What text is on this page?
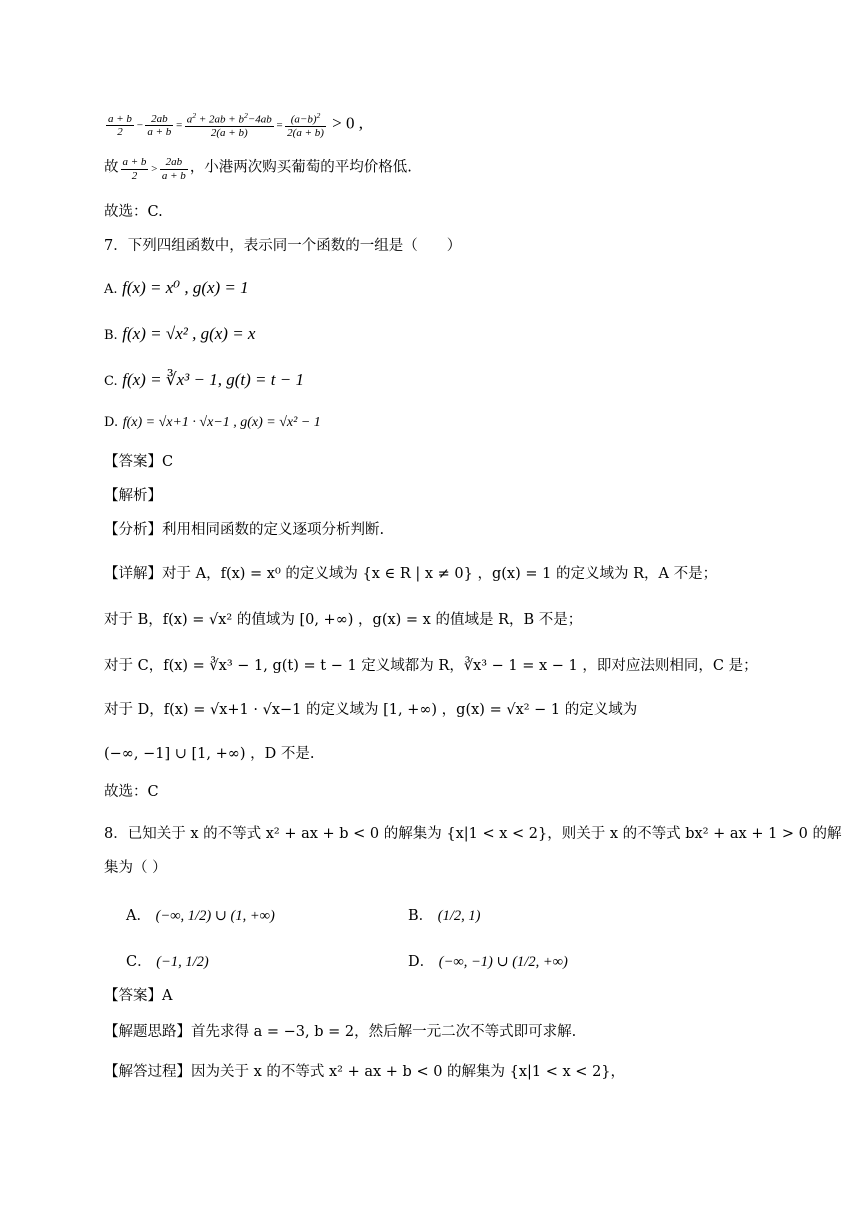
$\frac{a + b}{2} - \frac{2ab}{a + b} = \frac{a^2 + 2ab + b^2-4ab}{2(a + b)} = \frac{(a-b)^2}{2(a + b)} > 0$ ,
故 $\frac{a + b}{2} > \frac{2ab}{a + b}$ ，小港两次购买葡萄的平均价格低.
故选：C.
7．下列四组函数中，表示同一个函数的一组是（　　）
A. f(x) = x⁰ , g(x) = 1
B. f(x) = √x² , g(x) = x
C. f(x) = ∛x³ − 1, g(t) = t − 1
D. f(x) = √x+1 · √x−1 , g(x) = √x² − 1
【答案】C
【解析】
【分析】利用相同函数的定义逐项分析判断.
【详解】对于 A，f(x) = x⁰ 的定义域为 {x ∈ R | x ≠ 0} ，g(x) = 1 的定义域为 R，A 不是；
对于 B，f(x) = √x² 的值域为 [0, +∞) ，g(x) = x 的值域是 R，B 不是；
对于 C，f(x) = ∛x³ − 1, g(t) = t − 1 定义域都为 R，∛x³ − 1 = x − 1 ，即对应法则相同，C 是；
对于 D，f(x) = √x+1 · √x−1 的定义域为 [1, +∞) ，g(x) = √x² − 1 的定义域为
(−∞, −1] ∪ [1, +∞) ，D 不是.
故选：C
8．已知关于 x 的不等式 x² + ax + b < 0 的解集为 {x|1 < x < 2}，则关于 x 的不等式 bx² + ax + 1 > 0 的解
集为（ ）
A． (−∞, 1/2) ∪ (1, +∞)	B． (1/2, 1)
C． (−1, 1/2)	D． (−∞, −1) ∪ (1/2, +∞)
【答案】A
【解题思路】首先求得 a = −3, b = 2，然后解一元二次不等式即可求解.
【解答过程】因为关于 x 的不等式 x² + ax + b < 0 的解集为 {x|1 < x < 2}，
